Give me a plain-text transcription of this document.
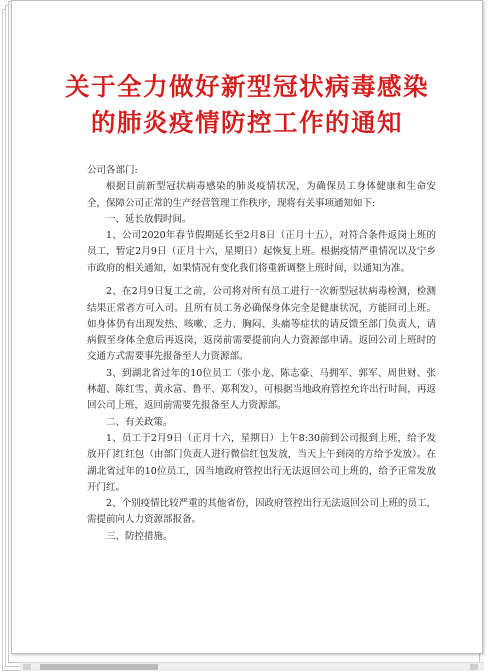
关于全力做好新型冠状病毒感染
的肺炎疫情防控工作的通知

公司各部门:

根据目前新型冠状病毒感染的肺炎疫情状况，为确保员工身体健康和生命安全，保障公司正常的生产经营管理工作秩序，现将有关事项通知如下:

一、延长放假时间。

1、公司2020年春节假期延长至2月8日（正月十五），对符合条件返岗上班的员工，暂定2月9日（正月十六，星期日）起恢复上班。根据疫情严重情况以及宁乡市政府的相关通知，如果情况有变化我们将重新调整上班时间，以通知为准。

2、在2月9日复工之前，公司将对所有员工进行一次新型冠状病毒检测，检测结果正常者方可入司。且所有员工务必确保身体完全是健康状况，方能回司上班。如身体仍有出现发热、咳嗽、乏力、胸闷、头痛等症状的请反馈至部门负责人，请病假至身体全愈后再返岗，返岗前需要提前向人力资源部申请。返回公司上班时的交通方式需要事先报备至人力资源部。

3、到湖北省过年的10位员工（张小龙、陈志豪、马拥军、郭军、周世财、张林超、陈红雪、黄永富、鲁平、郑利发），可根据当地政府管控允许出行时间，再返回公司上班，返回前需要先报备至人力资源部。

二、有关政策。

1、员工于2月9日（正月十六，星期日）上午8:30前到公司报到上班，给予发放开门红红包（由部门负责人进行微信红包发放，当天上午到岗的方给予发放）。在湖北省过年的10位员工，因当地政府管控出行无法返回公司上班的，给予正常发放开门红。

2、个别疫情比较严重的其他省份，因政府管控出行无法返回公司上班的员工，需提前向人力资源部报备。

三、防控措施。
